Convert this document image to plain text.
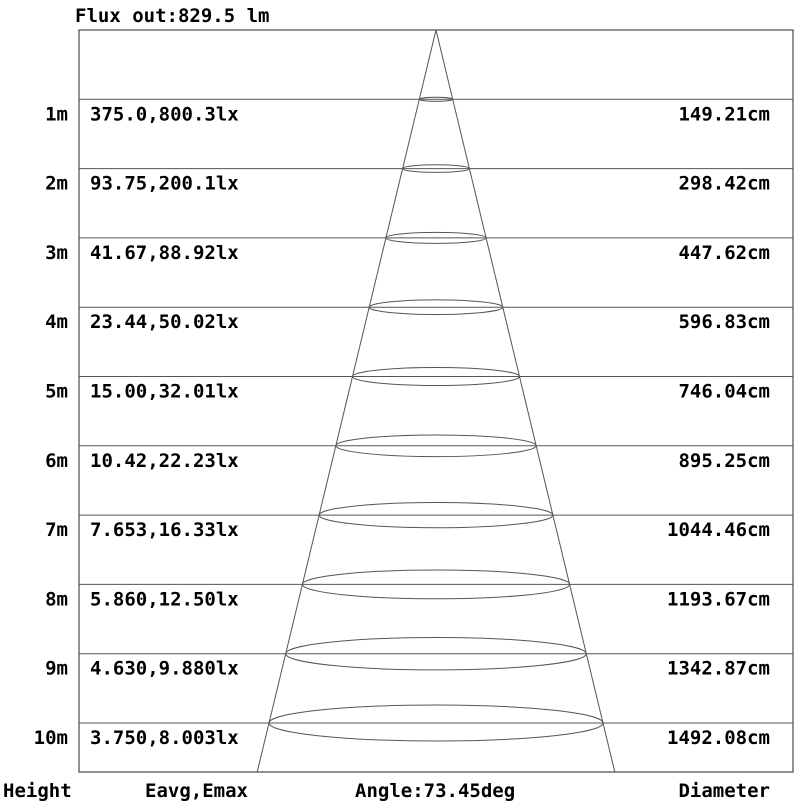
Flux out:829.5 lm
1m 375.0,800.3lx	149.21cm
2m 93.75,200.1lx	298.42cm
3m 41.67,88.92lx	447.62cm
4m 23.44,50.02lx	596.83cm
5m 15.00,32.01lx	746.04cm
6m 10.42,22.23lx	895.25cm
7m 7.653,16.33lx	1044.46cm
8m 5.860,12.50lx	1193.67cm
9m 4.630,9.880lx	1342.87cm
10m 3.750,8.003lx	1492.08cm
Height	Eavg,Emax	Angle:73.45deg	Diameter
